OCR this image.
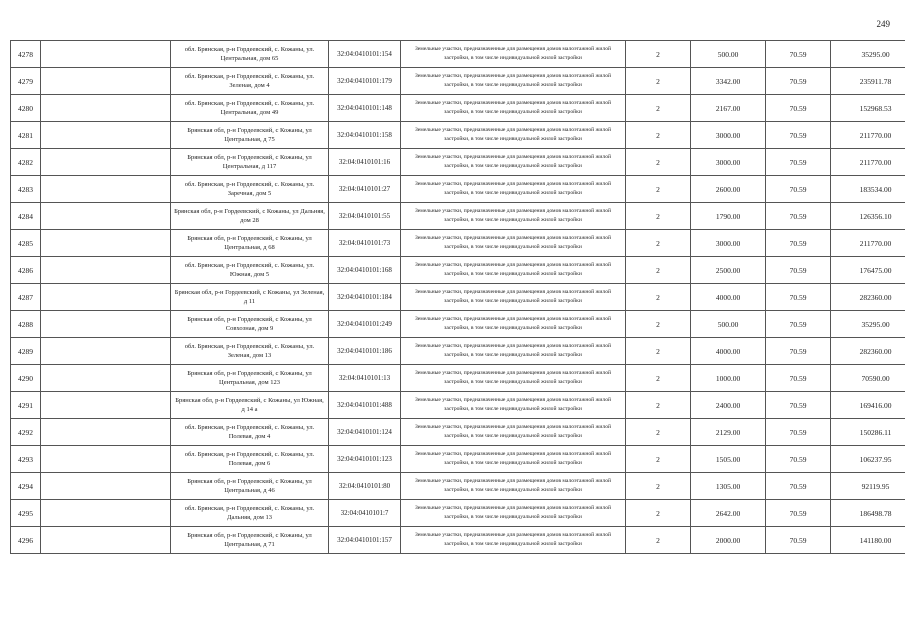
249
4278		обл. Брянская, р-н Гордеевский, с. Кожаны, ул. Центральная, дом 65	32:04:0410101:154	Земельные участки, предназначенные для размещения домов малоэтажной жилой застройки, в том числе индивидуальной жилой застройки	2	500.00	70.59	35295.00
4279		обл. Брянская, р-н Гордеевский, с. Кожаны, ул. Зеленая, дом 4	32:04:0410101:179	Земельные участки, предназначенные для размещения домов малоэтажной жилой застройки, в том числе индивидуальной жилой застройки	2	3342.00	70.59	235911.78
4280		обл. Брянская, р-н Гордеевский, с. Кожаны, ул. Центральная, дом 49	32:04:0410101:148	Земельные участки, предназначенные для размещения домов малоэтажной жилой застройки, в том числе индивидуальной жилой застройки	2	2167.00	70.59	152968.53
4281		Брянская обл, р-н Гордеевский, с Кожаны, ул Центральная, д 75	32:04:0410101:158	Земельные участки, предназначенные для размещения домов малоэтажной жилой застройки, в том числе индивидуальной жилой застройки	2	3000.00	70.59	211770.00
4282		Брянская обл, р-н Гордеевский, с Кожаны, ул Центральная, д 117	32:04:0410101:16	Земельные участки, предназначенные для размещения домов малоэтажной жилой застройки, в том числе индивидуальной жилой застройки	2	3000.00	70.59	211770.00
4283		обл. Брянская, р-н Гордеевский, с. Кожаны, ул. Заречная, дом 5	32:04:0410101:27	Земельные участки, предназначенные для размещения домов малоэтажной жилой застройки, в том числе индивидуальной жилой застройки	2	2600.00	70.59	183534.00
4284		Брянская обл, р-н Гордеевский, с Кожаны, ул Дальняя, дом 28	32:04:0410101:55	Земельные участки, предназначенные для размещения домов малоэтажной жилой застройки, в том числе индивидуальной жилой застройки	2	1790.00	70.59	126356.10
4285		Брянская обл, р-н Гордеевский, с Кожаны, ул Центральная, д 68	32:04:0410101:73	Земельные участки, предназначенные для размещения домов малоэтажной жилой застройки, в том числе индивидуальной жилой застройки	2	3000.00	70.59	211770.00
4286		обл. Брянская, р-н Гордеевский, с. Кожаны, ул. Южная, дом 5	32:04:0410101:168	Земельные участки, предназначенные для размещения домов малоэтажной жилой застройки, в том числе индивидуальной жилой застройки	2	2500.00	70.59	176475.00
4287		Брянская обл, р-н Гордеевский, с Кожаны, ул Зеленая, д 11	32:04:0410101:184	Земельные участки, предназначенные для размещения домов малоэтажной жилой застройки, в том числе индивидуальной жилой застройки	2	4000.00	70.59	282360.00
4288		Брянская обл, р-н Гордеевский, с Кожаны, ул Совхозная, дом 9	32:04:0410101:249	Земельные участки, предназначенные для размещения домов малоэтажной жилой застройки, в том числе индивидуальной жилой застройки	2	500.00	70.59	35295.00
4289		обл. Брянская, р-н Гордеевский, с. Кожаны, ул. Зеленая, дом 13	32:04:0410101:186	Земельные участки, предназначенные для размещения домов малоэтажной жилой застройки, в том числе индивидуальной жилой застройки	2	4000.00	70.59	282360.00
4290		Брянская обл, р-н Гордеевский, с Кожаны, ул Центральная, дом 123	32:04:0410101:13	Земельные участки, предназначенные для размещения домов малоэтажной жилой застройки, в том числе индивидуальной жилой застройки	2	1000.00	70.59	70590.00
4291		Брянская обл, р-н Гордеевский, с Кожаны, ул Южная, д 14 а	32:04:0410101:488	Земельные участки, предназначенные для размещения домов малоэтажной жилой застройки, в том числе индивидуальной жилой застройки	2	2400.00	70.59	169416.00
4292		обл. Брянская, р-н Гордеевский, с. Кожаны, ул. Полевая, дом 4	32:04:0410101:124	Земельные участки, предназначенные для размещения домов малоэтажной жилой застройки, в том числе индивидуальной жилой застройки	2	2129.00	70.59	150286.11
4293		обл. Брянская, р-н Гордеевский, с. Кожаны, ул. Полевая, дом 6	32:04:0410101:123	Земельные участки, предназначенные для размещения домов малоэтажной жилой застройки, в том числе индивидуальной жилой застройки	2	1505.00	70.59	106237.95
4294		Брянская обл, р-н Гордеевский, с Кожаны, ул Центральная, д 46	32:04:0410101:80	Земельные участки, предназначенные для размещения домов малоэтажной жилой застройки, в том числе индивидуальной жилой застройки	2	1305.00	70.59	92119.95
4295		обл. Брянская, р-н Гордеевский, с. Кожаны, ул. Дальняя, дом 13	32:04:0410101:7	Земельные участки, предназначенные для размещения домов малоэтажной жилой застройки, в том числе индивидуальной жилой застройки	2	2642.00	70.59	186498.78
4296		Брянская обл, р-н Гордеевский, с Кожаны, ул Центральная, д 71	32:04:0410101:157	Земельные участки, предназначенные для размещения домов малоэтажной жилой застройки, в том числе индивидуальной жилой застройки	2	2000.00	70.59	141180.00
